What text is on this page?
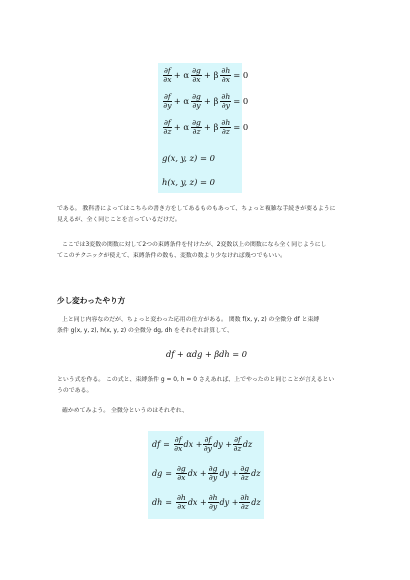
$\frac{\partial f}{\partial x} + \alpha \frac{\partial g}{\partial x} + \beta \frac{\partial h}{\partial x} = 0$
$\frac{\partial f}{\partial y} + \alpha \frac{\partial g}{\partial y} + \beta \frac{\partial h}{\partial y} = 0$
$\frac{\partial f}{\partial z} + \alpha \frac{\partial g}{\partial z} + \beta \frac{\partial h}{\partial z} = 0$
g(x, y, z) = 0
h(x, y, z) = 0
である。 教科書によってはこちらの書き方をしてあるものもあって、ちょっと複雑な手続きが要るように
見えるが、全く同じことを言っているだけだ。
ここでは3変数の関数に対して2つの束縛条件を付けたが、2変数以上の関数になら全く同じようにし
てこのテクニックが使えて、束縛条件の数も、変数の数より少なければ幾つでもいい。
少し変わったやり方
上と同じ内容なのだが、ちょっと変わった応用の仕方がある。 関数 f(x, y, z) の全微分 df と束縛
条件 g(x, y, z), h(x, y, z) の全微分 dg, dh をそれぞれ計算して、
df + αdg + βdh = 0
という式を作る。 この式と、束縛条件 g = 0, h = 0 さえあれば、上でやったのと同じことが言えるとい
うのである。
確かめてみよう。 全微分というのはそれぞれ、
df = $\frac{\partial f}{\partial x}$ dx + $\frac{\partial f}{\partial y}$ dy + $\frac{\partial f}{\partial z}$ dz
dg = $\frac{\partial g}{\partial x}$ dx + $\frac{\partial g}{\partial y}$ dy + $\frac{\partial g}{\partial z}$ dz
dh = $\frac{\partial h}{\partial x}$ dx + $\frac{\partial h}{\partial y}$ dy + $\frac{\partial h}{\partial z}$ dz
